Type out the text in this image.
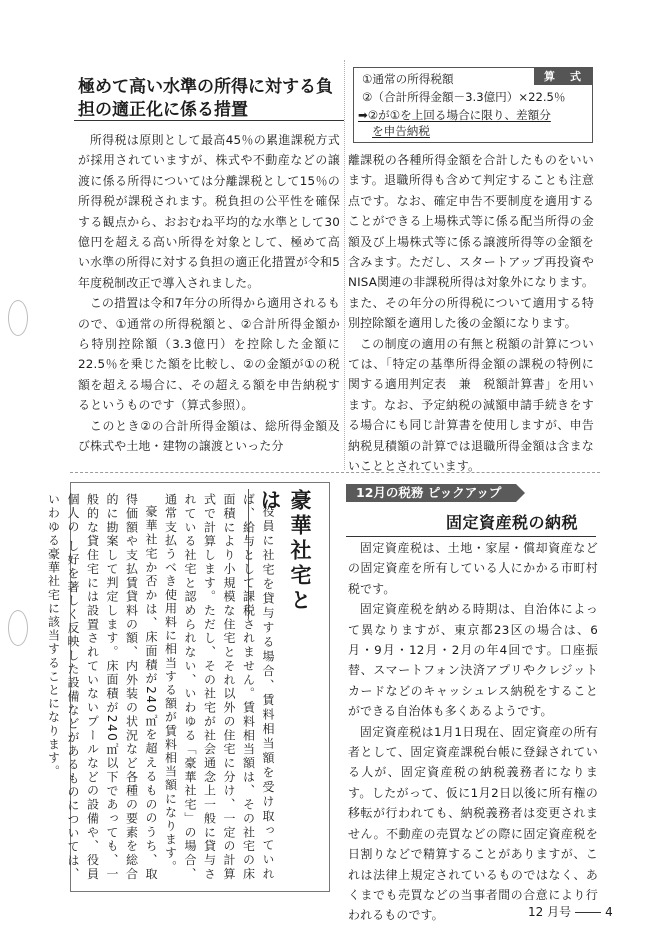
極めて高い水準の所得に対する負担の適正化に係る措置
算　式
①通常の所得税額
②（合計所得金額－3.3億円）×22.5％
➡②が①を上回る場合に限り、差額分
を申告納税

所得税は原則として最高45％の累進課税方式が採用されていますが、株式や不動産などの譲渡に係る所得については分離課税として15％の所得税が課税されます。税負担の公平性を確保する観点から、おおむね平均的な水準として30億円を超える高い所得を対象として、極めて高い水準の所得に対する負担の適正化措置が令和5年度税制改正で導入されました。

この措置は令和7年分の所得から適用されるもので、①通常の所得税額と、②合計所得金額から特別控除額（3.3億円）を控除した金額に22.5％を乗じた額を比較し、②の金額が①の税額を超える場合に、その超える額を申告納税するというものです（算式参照）。

このとき②の合計所得金額は、総所得金額及び株式や土地・建物の譲渡といった分

離課税の各種所得金額を合計したものをいいます。退職所得も含めて判定することも注意点です。なお、確定申告不要制度を適用することができる上場株式等に係る配当所得の金額及び上場株式等に係る譲渡所得等の金額を含みます。ただし、スタートアップ再投資やNISA関連の非課税所得は対象外になります。また、その年分の所得税について適用する特別控除額を適用した後の金額になります。

この制度の適用の有無と税額の計算については、「特定の基準所得金額の課税の特例に関する適用判定表　兼　税額計算書」を用います。なお、予定納税の減額申請手続きをする場合にも同じ計算書を使用しますが、申告納税見積額の計算では退職所得金額は含まないこととされています。

豪華社宅とは

役員に社宅を貸与する場合、賃料相当額を受け取っていれば、給与として課税されません。賃料相当額は、その社宅の床面積により小規模な住宅とそれ以外の住宅に分け、一定の計算式で計算します。ただし、その社宅が社会通念上一般に貸与されている社宅と認められない、いわゆる「豪華社宅」の場合、通常支払うべき使用料に相当する額が賃料相当額になります。

豪華社宅か否かは、床面積が240㎡を超えるもののうち、取得価額や支払賃貸料の額、内外装の状況など各種の要素を総合的に勘案して判定します。床面積が240㎡以下であっても、一般的な貸住宅には設置されていないプールなどの設備や、役員個人の し好を著しく反映した設備などがあるものについては、いわゆる豪華社宅に該当することになります。

12月の税務 ピックアップ
固定資産税の納税

固定資産税は、土地・家屋・償却資産などの固定資産を所有している人にかかる市町村税です。

固定資産税を納める時期は、自治体によって異なりますが、東京都23区の場合は、6月・9月・12月・2月の年4回です。口座振替、スマートフォン決済アプリやクレジットカードなどのキャッシュレス納税をすることができる自治体も多くあるようです。

固定資産税は1月1日現在、固定資産の所有者として、固定資産課税台帳に登録されている人が、固定資産税の納税義務者になります。したがって、仮に1月2日以後に所有権の移転が行われても、納税義務者は変更されません。不動産の売買などの際に固定資産税を日割りなどで精算することがありますが、これは法律上規定されているものではなく、あくまでも売買などの当事者間の合意により行われるものです。	12 月号	4
